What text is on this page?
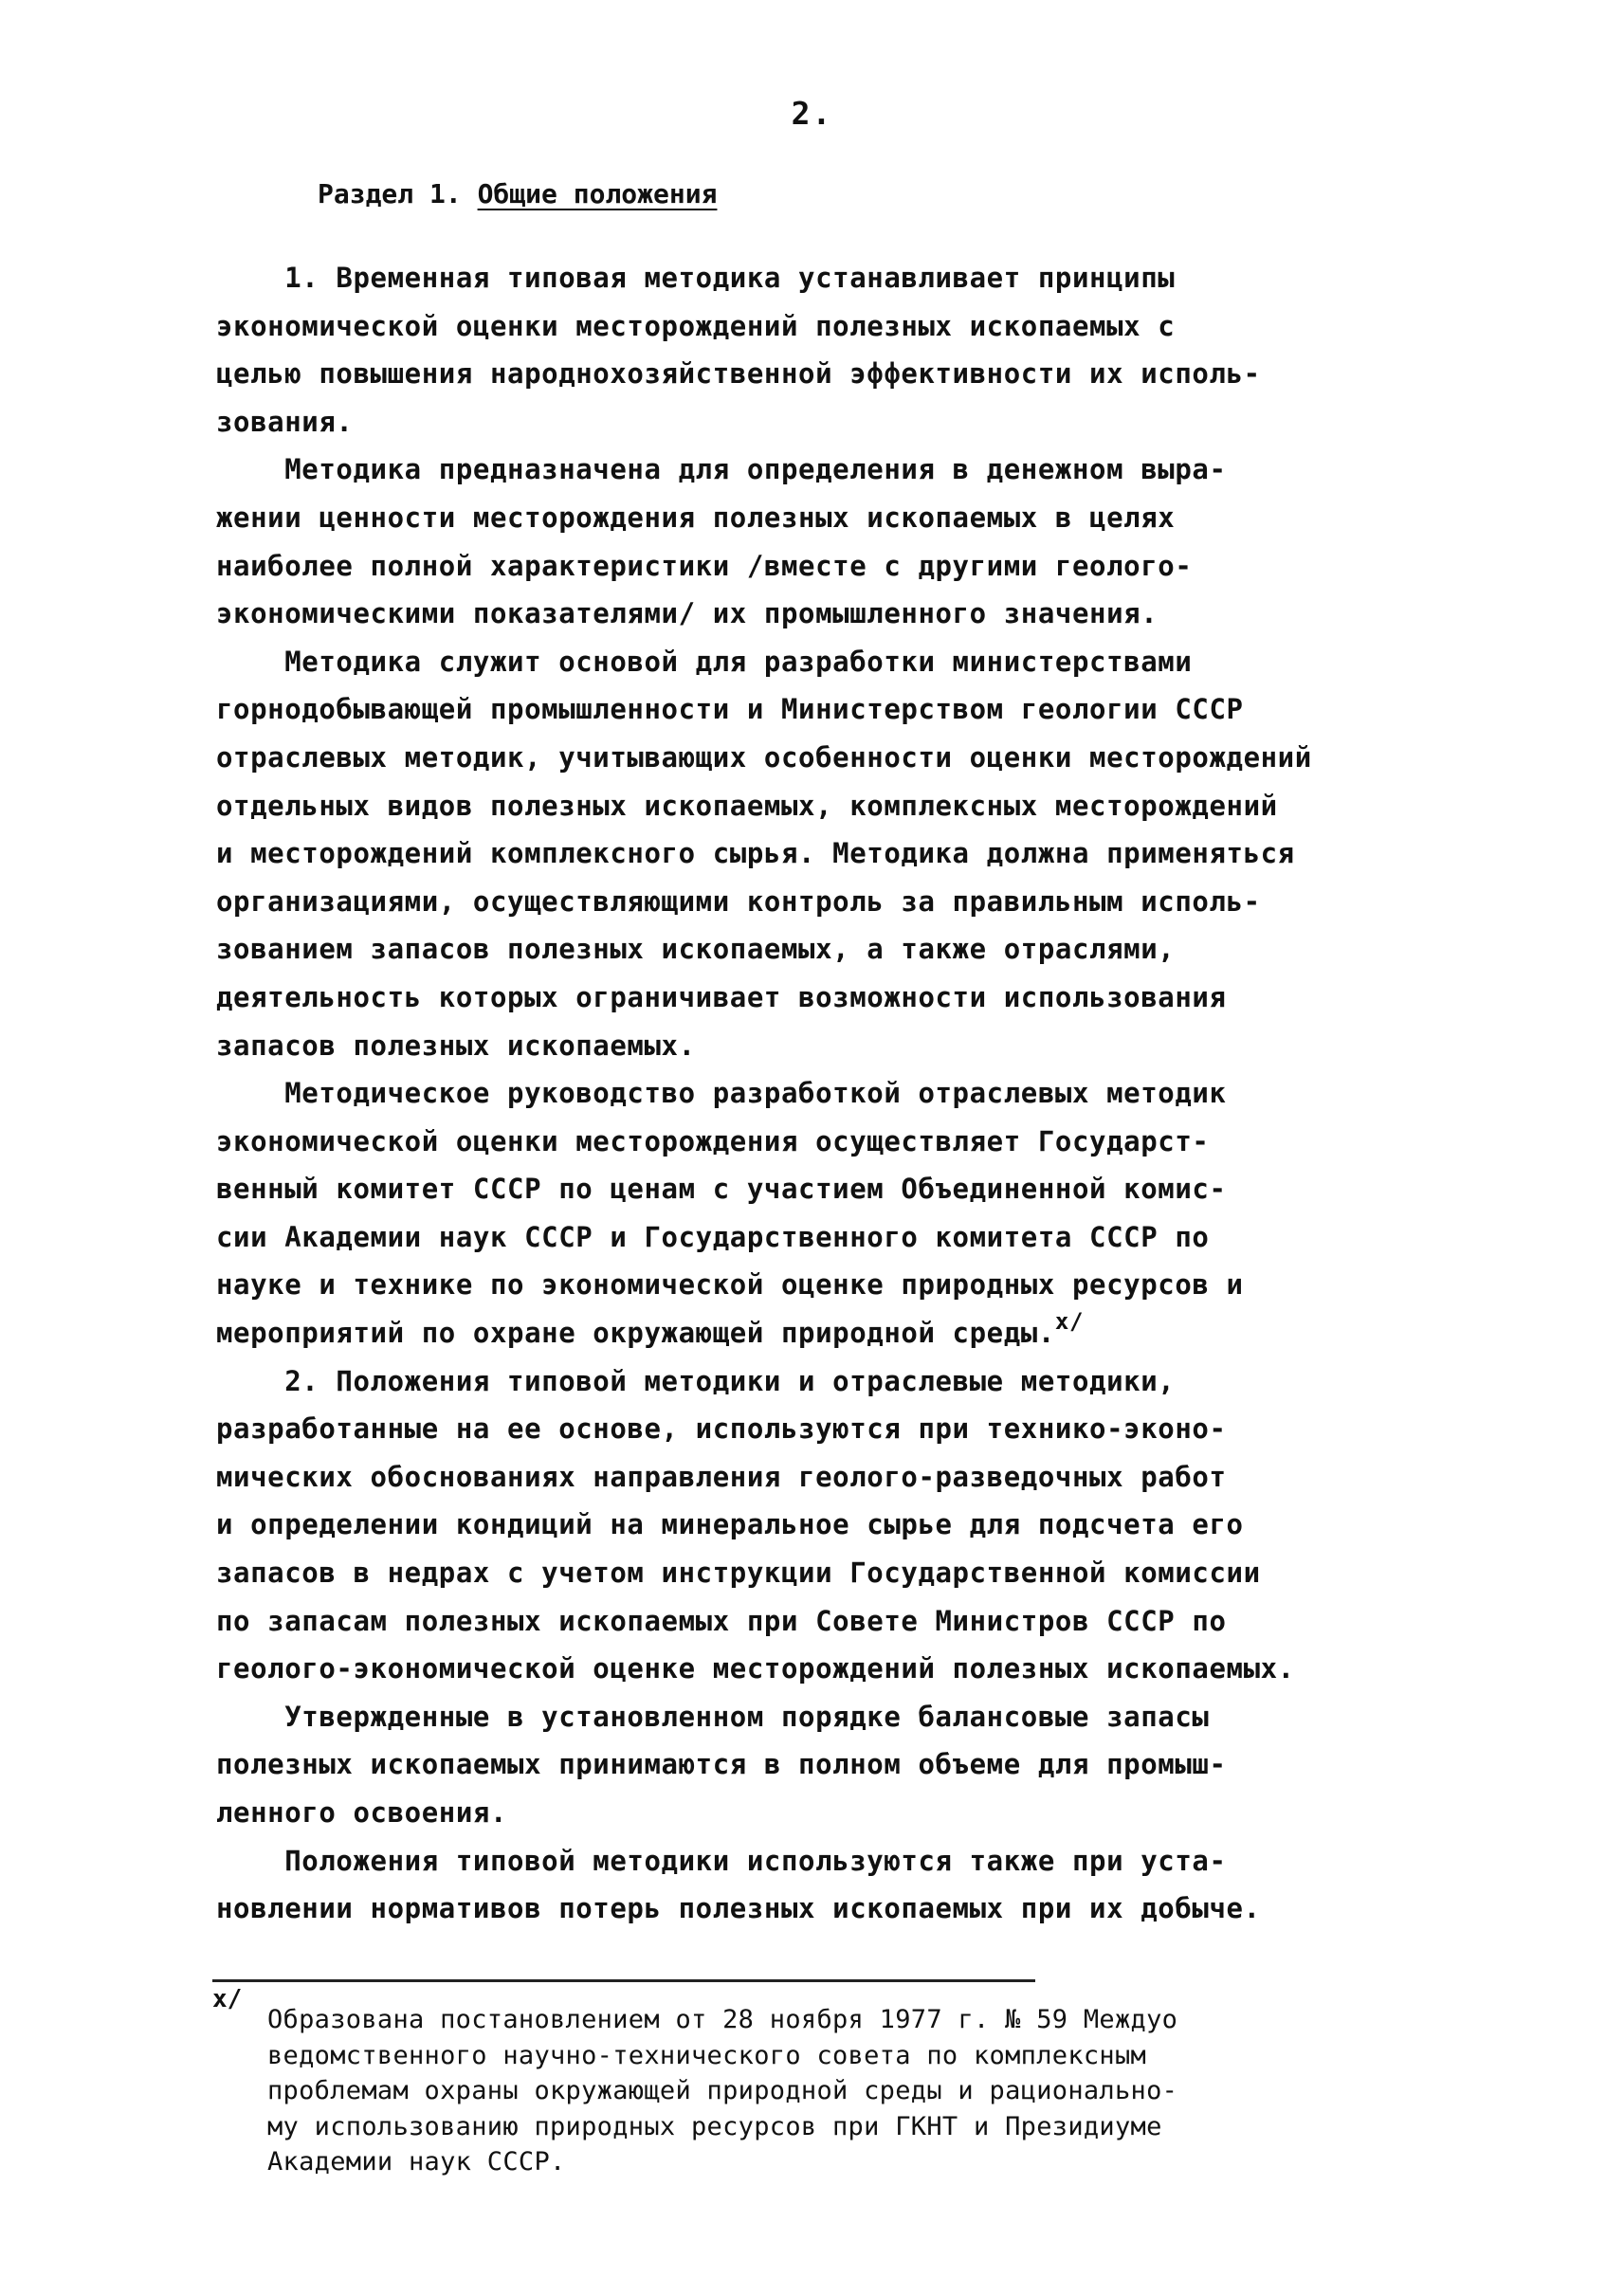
2.
Раздел 1. Общие положения

1. Временная типовая методика устанавливает принципы

экономической оценки месторождений полезных ископаемых с

целью повышения народнохозяйственной эффективности их исполь-

зования.

Методика предназначена для определения в денежном выра-

жении ценности месторождения полезных ископаемых в целях

наиболее полной характеристики /вместе с другими геолого-

экономическими показателями/ их промышленного значения.

Методика служит основой для разработки министерствами

горнодобывающей промышленности и Министерством геологии СССР

отраслевых методик, учитывающих особенности оценки месторождений

отдельных видов полезных ископаемых, комплексных месторождений

и месторождений комплексного сырья. Методика должна применяться

организациями, осуществляющими контроль за правильным исполь-

зованием запасов полезных ископаемых, а также отраслями,

деятельность которых ограничивает возможности использования

запасов полезных ископаемых.

Методическое руководство разработкой отраслевых методик

экономической оценки месторождения осуществляет Государст-

венный комитет СССР по ценам с участием Объединенной комис-

сии Академии наук СССР и Государственного комитета СССР по

науке и технике по экономической оценке природных ресурсов и

мероприятий по охране окружающей природной среды.$^{x/}$

2. Положения типовой методики и отраслевые методики,

разработанные на ее основе, используются при технико-эконо-

мических обоснованиях направления геолого-разведочных работ

и определении кондиций на минеральное сырье для подсчета его

запасов в недрах с учетом инструкции Государственной комиссии

по запасам полезных ископаемых при Совете Министров СССР по

геолого-экономической оценке месторождений полезных ископаемых.

Утвержденные в установленном порядке балансовые запасы

полезных ископаемых принимаются в полном объеме для промыш-

ленного освоения.

Положения типовой методики используются также при уста-

новлении нормативов потерь полезных ископаемых при их добыче.

x/

Образована постановлением от 28 ноября 1977 г. № 59 Междуо

ведомственного научно-технического совета по комплексным

проблемам охраны окружающей природной среды и рационально-

му использованию природных ресурсов при ГКНТ и Президиуме

Академии наук СССР.
